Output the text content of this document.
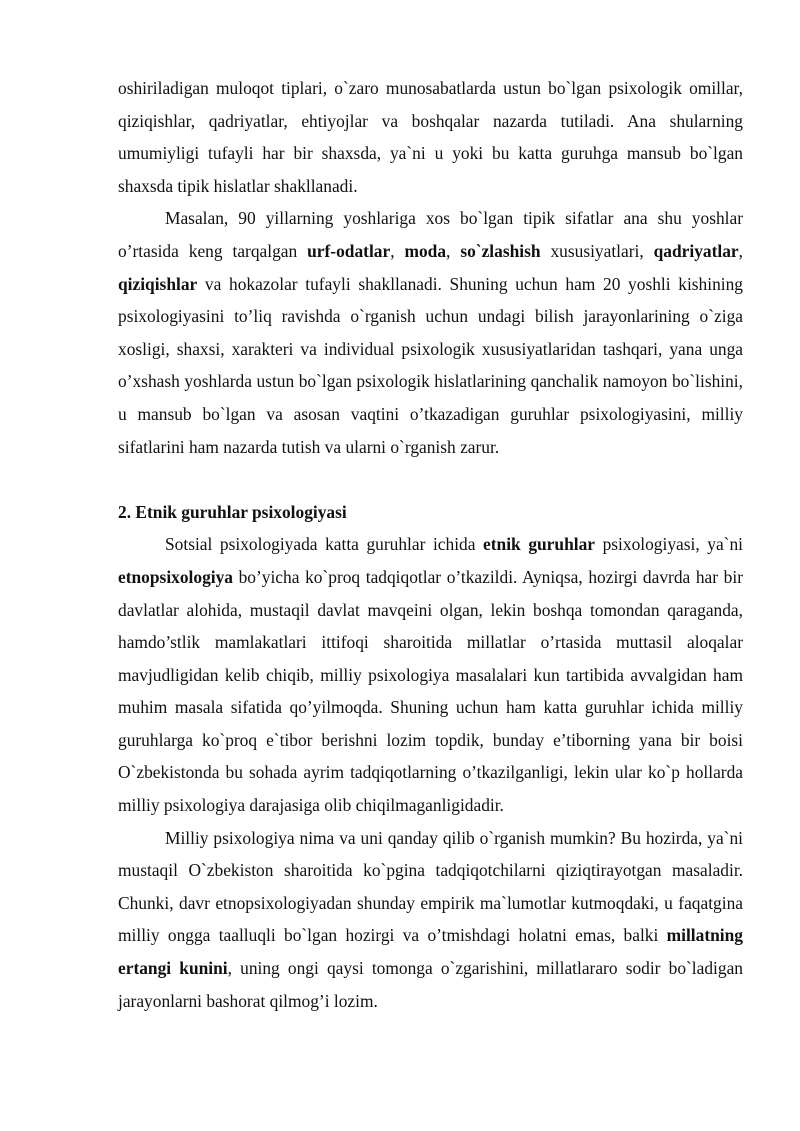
oshiriladigan muloqot tiplari, o`zaro munosabatlarda ustun bo`lgan psixologik omillar, qiziqishlar, qadriyatlar, ehtiyojlar va boshqalar nazarda tutiladi. Ana shularning umumiyligi tufayli har bir shaxsda, ya`ni u yoki bu katta guruhga mansub bo`lgan shaxsda tipik hislatlar shakllanadi.

Masalan, 90 yillarning yoshlariga xos bo`lgan tipik sifatlar ana shu yoshlar o’rtasida keng tarqalgan urf-odatlar, moda, so`zlashish xususiyatlari, qadriyatlar, qiziqishlar va hokazolar tufayli shakllanadi. Shuning uchun ham 20 yoshli kishining psixologiyasini to’liq ravishda o`rganish uchun undagi bilish jarayonlarining o`ziga xosligi, shaxsi, xarakteri va individual psixologik xususiyatlaridan tashqari, yana unga o’xshash yoshlarda ustun bo`lgan psixologik hislatlarining qanchalik namoyon bo`lishini, u mansub bo`lgan va asosan vaqtini o’tkazadigan guruhlar psixologiyasini, milliy sifatlarini ham nazarda tutish va ularni o`rganish zarur.

2. Etnik guruhlar psixologiyasi

Sotsial psixologiyada katta guruhlar ichida etnik guruhlar psixologiyasi, ya`ni etnopsixologiya bo’yicha ko`proq tadqiqotlar o’tkazildi. Ayniqsa, hozirgi davrda har bir davlatlar alohida, mustaqil davlat mavqeini olgan, lekin boshqa tomondan qaraganda, hamdo’stlik mamlakatlari ittifoqi sharoitida millatlar o’rtasida muttasil aloqalar mavjudligidan kelib chiqib, milliy psixologiya masalalari kun tartibida avvalgidan ham muhim masala sifatida qo’yilmoqda. Shuning uchun ham katta guruhlar ichida milliy guruhlarga ko`proq e`tibor berishni lozim topdik, bunday e’tiborning yana bir boisi O`zbekistonda bu sohada ayrim tadqiqotlarning o’tkazilganligi, lekin ular ko`p hollarda milliy psixologiya darajasiga olib chiqilmaganligidadir.

Milliy psixologiya nima va uni qanday qilib o`rganish mumkin? Bu hozirda, ya`ni mustaqil O`zbekiston sharoitida ko`pgina tadqiqotchilarni qiziqtirayotgan masaladir. Chunki, davr etnopsixologiyadan shunday empirik ma`lumotlar kutmoqdaki, u faqatgina milliy ongga taalluqli bo`lgan hozirgi va o’tmishdagi holatni emas, balki millatning ertangi kunini, uning ongi qaysi tomonga o`zgarishini, millatlararo sodir bo`ladigan jarayonlarni bashorat qilmog’i lozim.
